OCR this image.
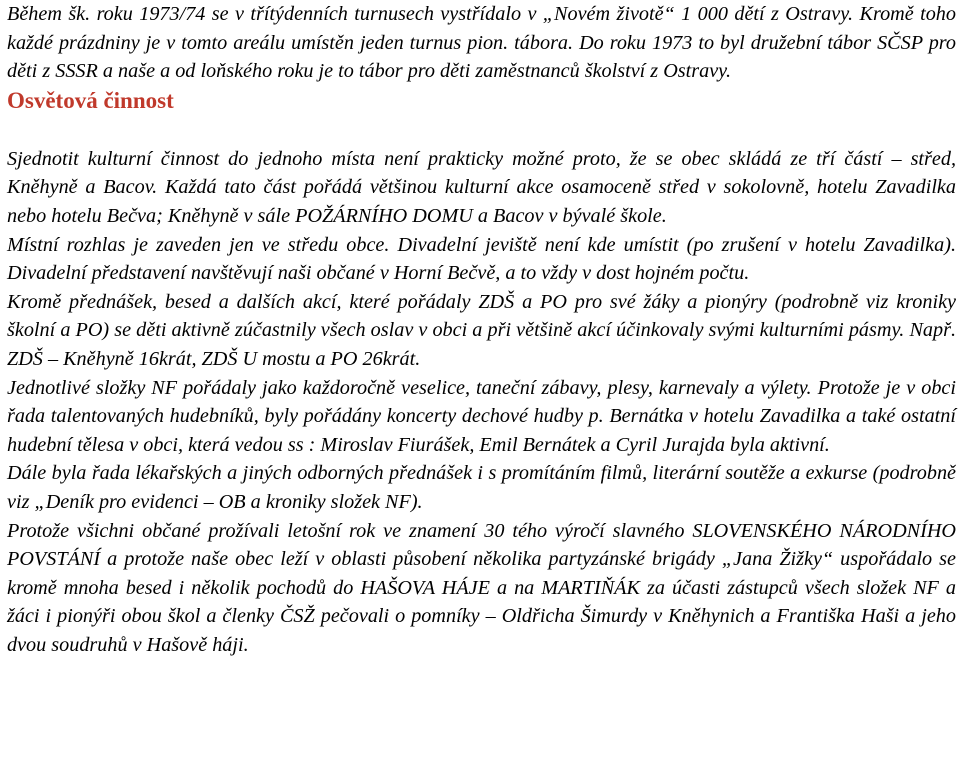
Během šk. roku 1973/74 se v třítýdenních turnusech vystřídalo v „Novém životě“ 1 000 dětí z Ostravy. Kromě toho každé prázdniny je v tomto areálu umístěn jeden turnus pion. tábora. Do roku 1973 to byl družební tábor SČSP pro děti z SSSR a naše a od loňského roku je to tábor pro děti zaměstnanců školství z Ostravy.

Osvětová činnost

Sjednotit kulturní činnost do jednoho místa není prakticky možné proto, že se obec skládá ze tří částí – střed, Kněhyně a Bacov. Každá tato část pořádá většinou kulturní akce osamoceně střed v sokolovně, hotelu Zavadilka nebo hotelu Bečva; Kněhyně v sále POŽÁRNÍHO DOMU a Bacov v bývalé škole.

Místní rozhlas je zaveden jen ve středu obce. Divadelní jeviště není kde umístit (po zrušení v hotelu Zavadilka). Divadelní představení navštěvují naši občané v Horní Bečvě, a to vždy v dost hojném počtu.

Kromě přednášek, besed a dalších akcí, které pořádaly ZDŠ a PO pro své žáky a pionýry (podrobně viz kroniky školní a PO) se děti aktivně zúčastnily všech oslav v obci a při většině akcí účinkovaly svými kulturními pásmy. Např. ZDŠ – Kněhyně 16krát, ZDŠ U mostu a PO 26krát.

Jednotlivé složky NF pořádaly jako každoročně veselice, taneční zábavy, plesy, karnevaly a výlety. Protože je v obci řada talentovaných hudebníků, byly pořádány koncerty dechové hudby p. Bernátka v hotelu Zavadilka a také ostatní hudební tělesa v obci, která vedou ss : Miroslav Fiurášek, Emil Bernátek a Cyril Jurajda byla aktivní.

Dále byla řada lékařských a jiných odborných přednášek i s promítáním filmů, literární soutěže a exkurse (podrobně viz „Deník pro evidenci – OB a kroniky složek NF).

Protože všichni občané prožívali letošní rok ve znamení 30 tého výročí slavného SLOVENSKÉHO NÁRODNÍHO POVSTÁNÍ a protože naše obec leží v oblasti působení několika partyzánské brigády „Jana Žižky“ uspořádalo se kromě mnoha besed i několik pochodů do HAŠOVA HÁJE a na MARTIŇÁK za účasti zástupců všech složek NF a žáci i pionýři obou škol a členky ČSŽ pečovali o pomníky – Oldřicha Šimurdy v Kněhynich a Františka Haši a jeho dvou soudruhů v Hašově háji.
